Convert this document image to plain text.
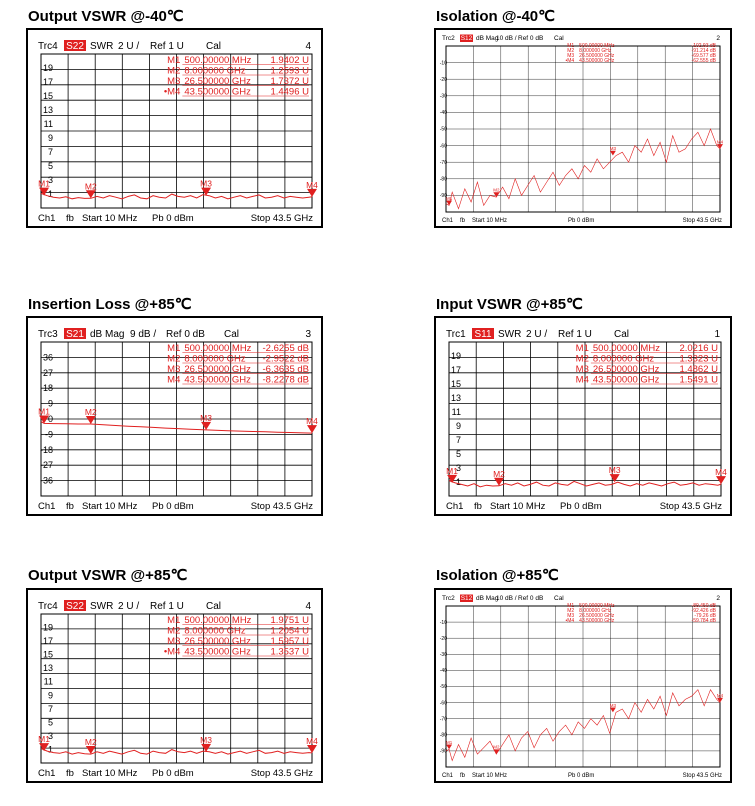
Output VSWR @-40℃
Trc4 S22 SWR 2 U / Ref 1 U Cal	4
19
17
15
13
11
9
7
5
3
1
M1 500.00000 MHz 1.9402 U
M2 8.000000 GHz	1.2593 U
M3 26.500000 GHz 1.7372 U
•M4 43.500000 GHz 1.4496 U
M1	M2	M3	M4
Ch1 fb Start 10 MHz Pb 0 dBm	Stop 43.5 GHz
Isolation @-40℃
Trc2 S12 dB Mag
10 dB / Ref 0 dB Cal	2
-10
-20
-30
-40
-50
-60
-70
-80
-90
M1 500.00000 MHz	-102.93 dB
M2 8.000000 GHz	-91.214 dB
M3 26.500000 GHz	-69.577 dB
•M4 43.500000 GHz	-62.555 dB
M1
M2
M3
M4
Ch1 fb Start 10 MHz	Pb 0 dBm	Stop 43.5 GHz
Insertion Loss @+85℃
Trc3 S21 dB Mag 9 dB / Ref 0 dB Cal	3
36
27
18
9
0
-9
-18
-27
-36
M1 500.00000 MHz -2.6255 dB
M2 8.000000 GHz -2.9522 dB
M3 26.500000 GHz -6.3635 dB
M4 43.500000 GHz -8.2278 dB
M1	M2
M3	M4
Ch1 fb Start 10 MHz Pb 0 dBm	Stop 43.5 GHz
Input VSWR @+85℃
Trc1 S11 SWR 2 U / Ref 1 U Cal	1
19
17
15
13
11
9
7
5
3
1
M1 500.00000 MHz 2.0216 U
M2 8.000000 GHz	1.3323 U
M3 26.500000 GHz 1.4862 U
M4 43.500000 GHz 1.5491 U
M1	M2	M3	M4
Ch1 fb Start 10 MHz Pb 0 dBm	Stop 43.5 GHz
Output VSWR @+85℃
Trc4 S22 SWR 2 U / Ref 1 U Cal	4
19
17
15
13
11
9
7
5
3
1
M1 500.00000 MHz 1.9751 U
M2 8.000000 GHz	1.2054 U
M3 26.500000 GHz 1.5957 U
•M4 43.500000 GHz 1.3537 U
M1	M2	M3	M4
Ch1 fb Start 10 MHz Pb 0 dBm	Stop 43.5 GHz
Isolation @+85℃
Trc2 S12 dB Mag
10 dB / Ref 0 dB Cal	2
-10
-20
-30
-40
-50
-60
-70
-80
-90
M1 500.00000 MHz	-89.450 dB
M2 8.000000 GHz	-92.426 dB
M3 26.500000 GHz	-79.26 dB
•M4 43.500000 GHz	-59.784 dB
M1
M2
M3
M4
Ch1 fb Start 10 MHz	Pb 0 dBm	Stop 43.5 GHz
